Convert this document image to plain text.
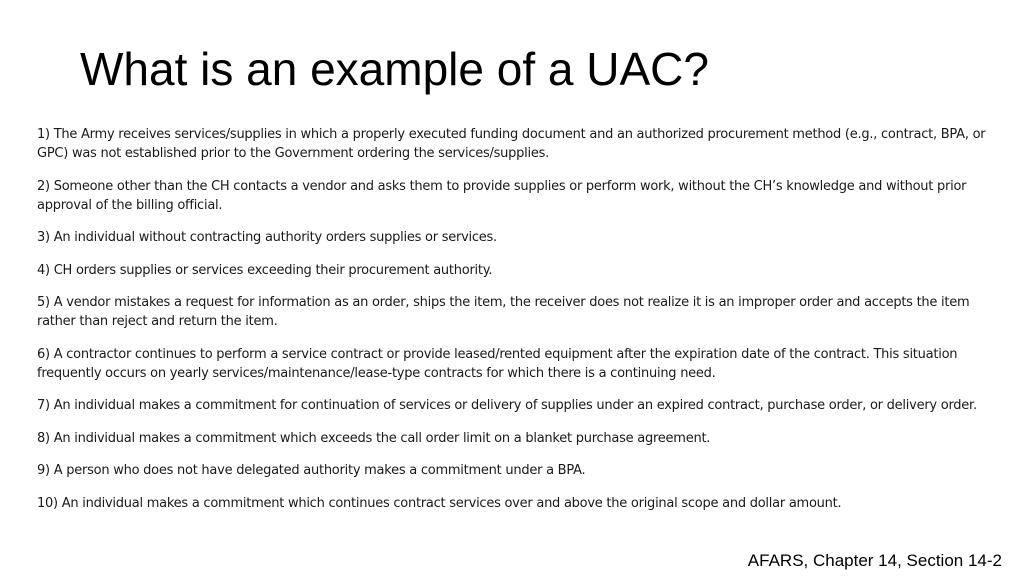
What is an example of a UAC?
1) The Army receives services/supplies in which a properly executed funding document and an authorized procurement method (e.g., contract, BPA, or GPC) was not established prior to the Government ordering the services/supplies.
2) Someone other than the CH contacts a vendor and asks them to provide supplies or perform work, without the CH’s knowledge and without prior approval of the billing official.
3) An individual without contracting authority orders supplies or services.
4) CH orders supplies or services exceeding their procurement authority.
5) A vendor mistakes a request for information as an order, ships the item, the receiver does not realize it is an improper order and accepts the item rather than reject and return the item.
6) A contractor continues to perform a service contract or provide leased/rented equipment after the expiration date of the contract. This situation frequently occurs on yearly services/maintenance/lease-type contracts for which there is a continuing need.
7) An individual makes a commitment for continuation of services or delivery of supplies under an expired contract, purchase order, or delivery order.
8) An individual makes a commitment which exceeds the call order limit on a blanket purchase agreement.
9) A person who does not have delegated authority makes a commitment under a BPA.
10) An individual makes a commitment which continues contract services over and above the original scope and dollar amount.
AFARS, Chapter 14, Section 14-2
